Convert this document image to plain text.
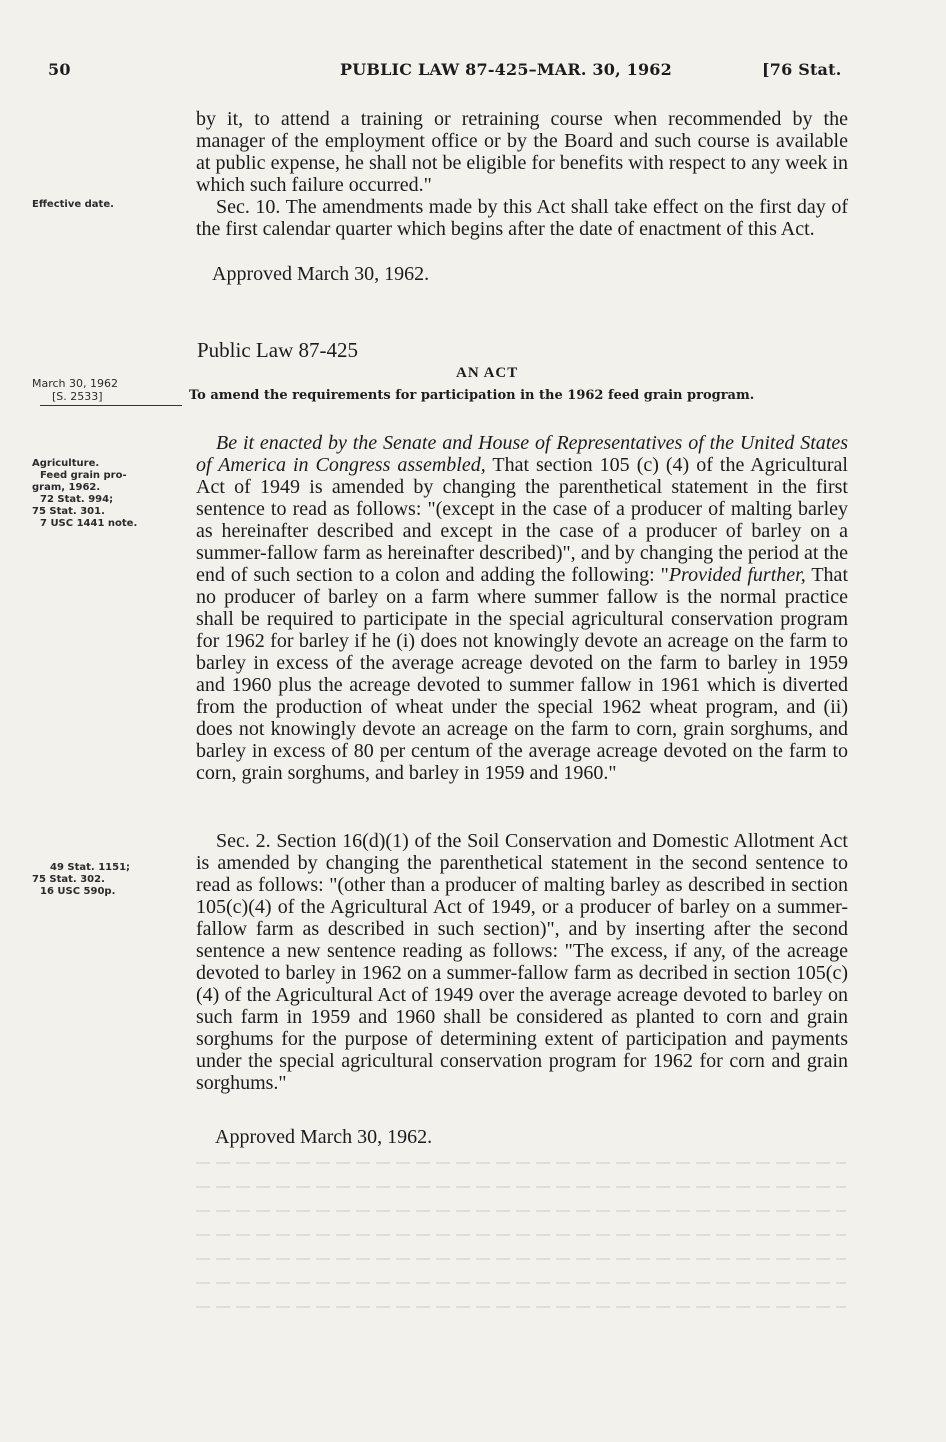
50	PUBLIC LAW 87-425–MAR. 30, 1962	[76 Stat.

by it, to attend a training or retraining course when recommended by the manager of the employment office or by the Board and such course is available at public expense, he shall not be eligible for benefits with respect to any week in which such failure occurred."

Effective date.	Sec. 10. The amendments made by this Act shall take effect on the first day of the first calendar quarter which begins after the date of enactment of this Act.

Approved March 30, 1962.
Public Law 87-425
March 30, 1962
[S. 2533]
AN ACT
To amend the requirements for participation in the 1962 feed grain program.
Agriculture.
Feed grain pro-
gram, 1962.
72 Stat. 994;
75 Stat. 301.
7 USC 1441 note.

Be it enacted by the Senate and House of Representatives of the United States of America in Congress assembled, That section 105 (c) (4) of the Agricultural Act of 1949 is amended by changing the parenthetical statement in the first sentence to read as follows: "(except in the case of a producer of malting barley as hereinafter described and except in the case of a producer of barley on a summer-fallow farm as hereinafter described)", and by changing the period at the end of such section to a colon and adding the following: "Provided further, That no producer of barley on a farm where summer fallow is the normal practice shall be required to participate in the special agricultural conservation program for 1962 for barley if he (i) does not knowingly devote an acreage on the farm to barley in excess of the average acreage devoted on the farm to barley in 1959 and 1960 plus the acreage devoted to summer fallow in 1961 which is diverted from the production of wheat under the special 1962 wheat program, and (ii) does not knowingly devote an acreage on the farm to corn, grain sorghums, and barley in excess of 80 per centum of the average acreage devoted on the farm to corn, grain sorghums, and barley in 1959 and 1960."

49 Stat. 1151;
75 Stat. 302.
16 USC 590p.

Sec. 2. Section 16(d)(1) of the Soil Conservation and Domestic Allotment Act is amended by changing the parenthetical statement in the second sentence to read as follows: "(other than a producer of malting barley as described in section 105(c)(4) of the Agricultural Act of 1949, or a producer of barley on a summer-fallow farm as described in such section)", and by inserting after the second sentence a new sentence reading as follows: "The excess, if any, of the acreage devoted to barley in 1962 on a summer-fallow farm as decribed in section 105(c)(4) of the Agricultural Act of 1949 over the average acreage devoted to barley on such farm in 1959 and 1960 shall be considered as planted to corn and grain sorghums for the purpose of determining extent of participation and payments under the special agricultural conservation program for 1962 for corn and grain sorghums."

Approved March 30, 1962.
